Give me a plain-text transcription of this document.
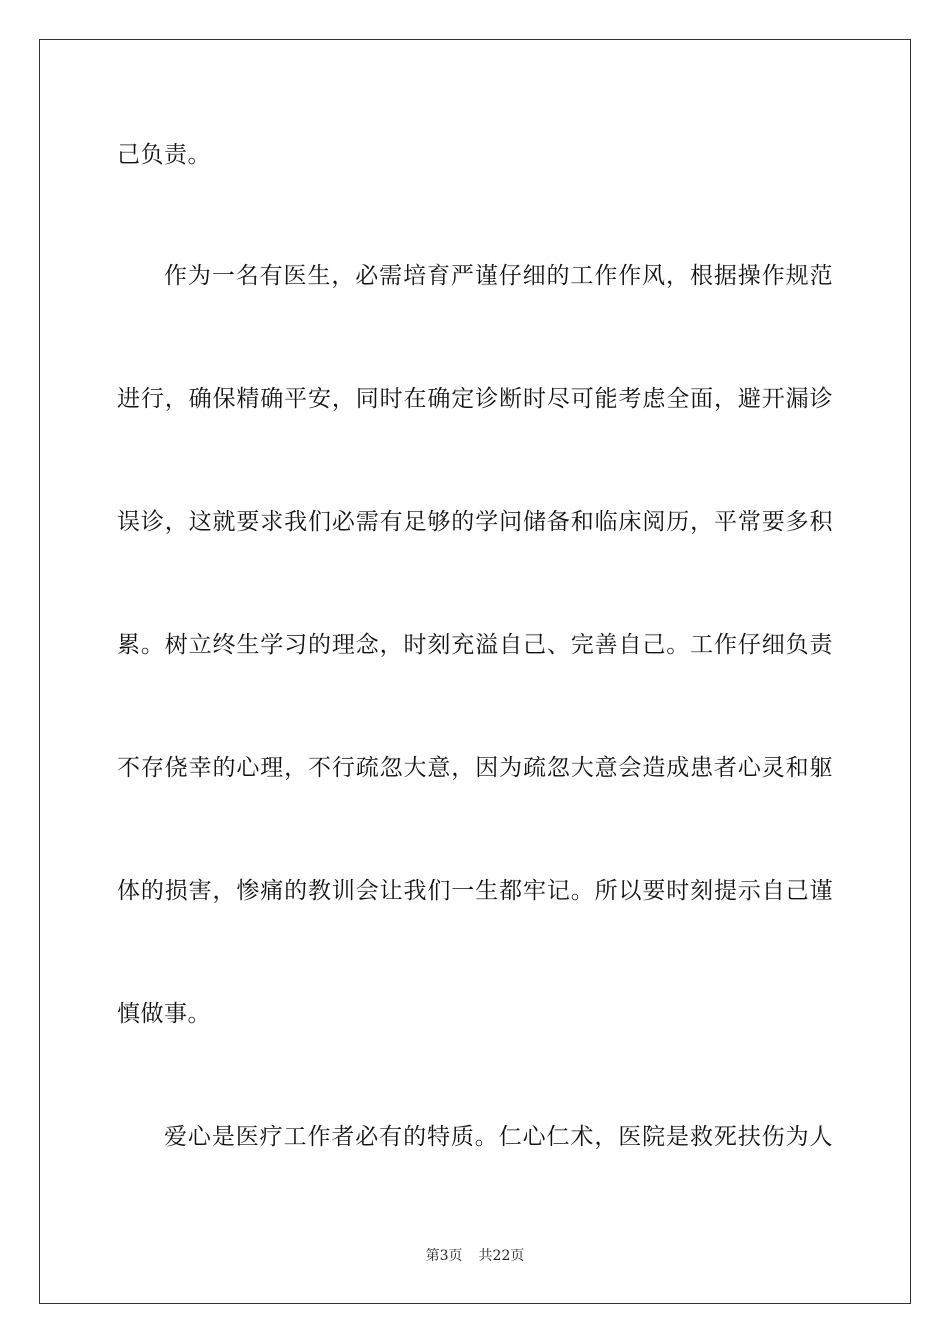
己负责。
作为一名有医生，必需培育严谨仔细的工作作风，根据操作规范
进行，确保精确平安，同时在确定诊断时尽可能考虑全面，避开漏诊
误诊，这就要求我们必需有足够的学问储备和临床阅历，平常要多积
累。树立终生学习的理念，时刻充溢自己、完善自己。工作仔细负责
不存侥幸的心理，不行疏忽大意，因为疏忽大意会造成患者心灵和躯
体的损害，惨痛的教训会让我们一生都牢记。所以要时刻提示自己谨
慎做事。
爱心是医疗工作者必有的特质。仁心仁术，医院是救死扶伤为人
第3页 共22页
